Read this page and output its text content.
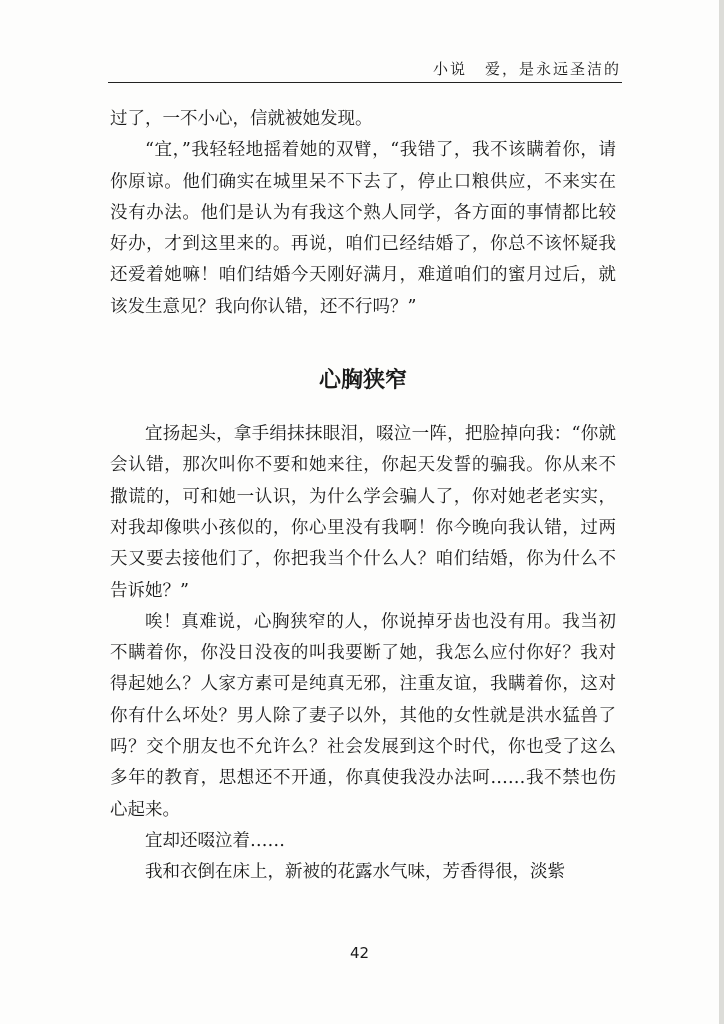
小说 爱，是永远圣洁的

过了，一不小心，信就被她发现。

“宜，”我轻轻地摇着她的双臂，“我错了，我不该瞒着你，请你原谅。他们确实在城里呆不下去了，停止口粮供应，不来实在没有办法。他们是认为有我这个熟人同学，各方面的事情都比较好办，才到这里来的。再说，咱们已经结婚了，你总不该怀疑我还爱着她嘛！咱们结婚今天刚好满月，难道咱们的蜜月过后，就该发生意见？我向你认错，还不行吗？”

心胸狭窄

宜扬起头，拿手绢抹抹眼泪，啜泣一阵，把脸掉向我：“你就会认错，那次叫你不要和她来往，你起天发誓的骗我。你从来不撒谎的，可和她一认识，为什么学会骗人了，你对她老老实实，对我却像哄小孩似的，你心里没有我啊！你今晚向我认错，过两天又要去接他们了，你把我当个什么人？咱们结婚，你为什么不告诉她？”

唉！真难说，心胸狭窄的人，你说掉牙齿也没有用。我当初不瞒着你，你没日没夜的叫我要断了她，我怎么应付你好？我对得起她么？人家方素可是纯真无邪，注重友谊，我瞒着你，这对你有什么坏处？男人除了妻子以外，其他的女性就是洪水猛兽了吗？交个朋友也不允许么？社会发展到这个时代，你也受了这么多年的教育，思想还不开通，你真使我没办法呵……我不禁也伤心起来。

宜却还啜泣着……

我和衣倒在床上，新被的花露水气味，芳香得很，淡紫

42
